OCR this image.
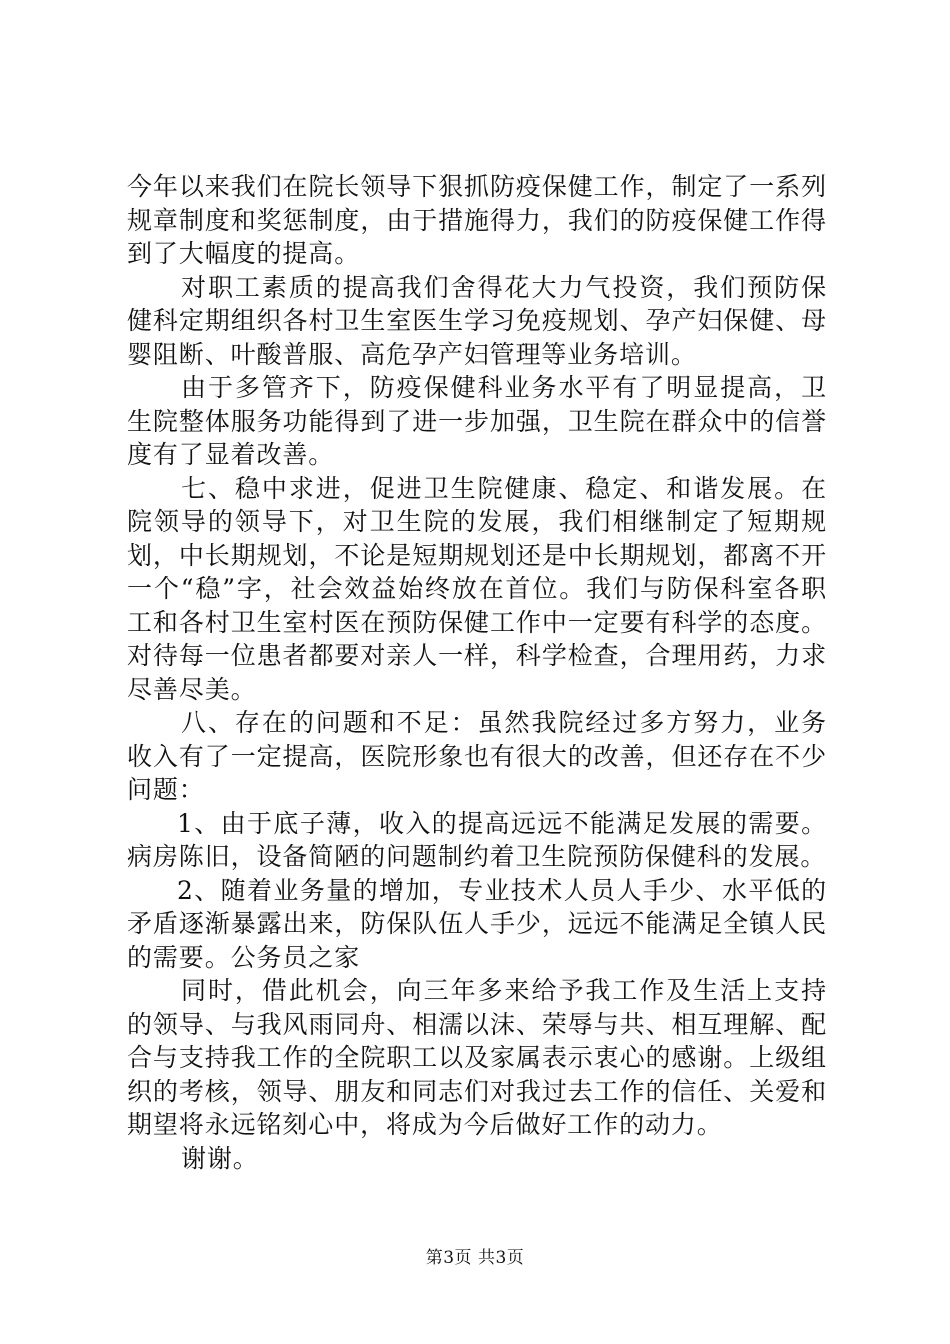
今年以来我们在院长领导下狠抓防疫保健工作，制定了一系列规章制度和奖惩制度，由于措施得力，我们的防疫保健工作得到了大幅度的提高。

对职工素质的提高我们舍得花大力气投资，我们预防保健科定期组织各村卫生室医生学习免疫规划、孕产妇保健、母婴阻断、叶酸普服、高危孕产妇管理等业务培训。

由于多管齐下，防疫保健科业务水平有了明显提高，卫生院整体服务功能得到了进一步加强，卫生院在群众中的信誉度有了显着改善。

七、稳中求进，促进卫生院健康、稳定、和谐发展。在院领导的领导下，对卫生院的发展，我们相继制定了短期规划，中长期规划，不论是短期规划还是中长期规划，都离不开一个“稳”字，社会效益始终放在首位。我们与防保科室各职工和各村卫生室村医在预防保健工作中一定要有科学的态度。对待每一位患者都要对亲人一样，科学检查，合理用药，力求尽善尽美。

八、存在的问题和不足：虽然我院经过多方努力，业务收入有了一定提高，医院形象也有很大的改善，但还存在不少问题：

1、由于底子薄，收入的提高远远不能满足发展的需要。病房陈旧，设备简陋的问题制约着卫生院预防保健科的发展。

2、随着业务量的增加，专业技术人员人手少、水平低的矛盾逐渐暴露出来，防保队伍人手少，远远不能满足全镇人民的需要。公务员之家

同时，借此机会，向三年多来给予我工作及生活上支持的领导、与我风雨同舟、相濡以沫、荣辱与共、相互理解、配合与支持我工作的全院职工以及家属表示衷心的感谢。上级组织的考核，领导、朋友和同志们对我过去工作的信任、关爱和期望将永远铭刻心中，将成为今后做好工作的动力。

谢谢。

第3页 共3页
